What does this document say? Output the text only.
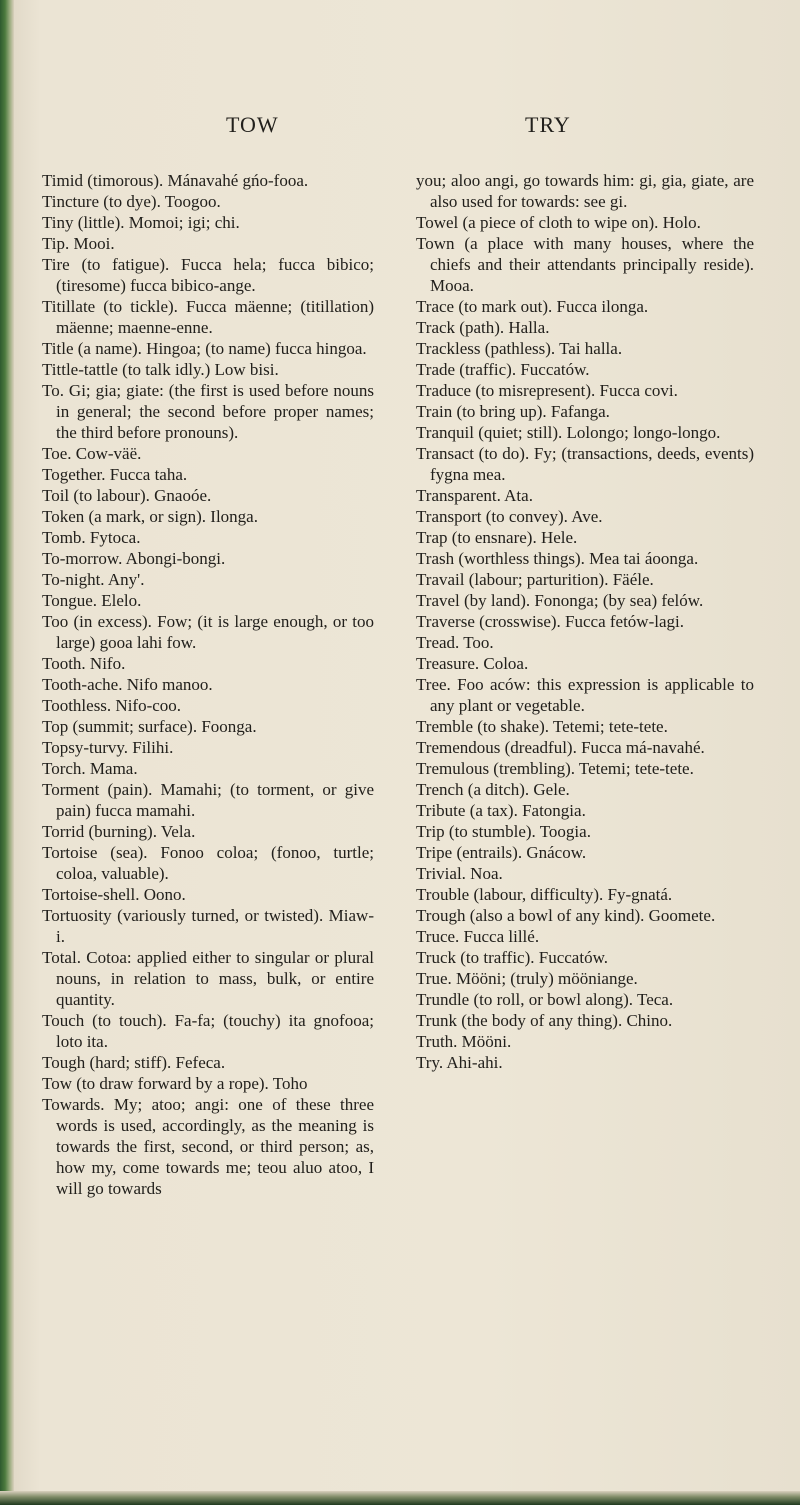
TOW	TRY

Timid (timorous). Mánavahé gńo-fooa.

Tincture (to dye). Toogoo.

Tiny (little). Momoi; igi; chi.

Tip. Mooi.

Tire (to fatigue). Fucca hela; fucca bibico; (tiresome) fucca bibico-ange.

Titillate (to tickle). Fucca mäenne; (titillation) mäenne; maenne-enne.

Title (a name). Hingoa; (to name) fucca hingoa.

Tittle-tattle (to talk idly.) Low bisi.

To. Gi; gia; giate: (the first is used before nouns in general; the second before proper names; the third before pronouns).

Toe. Cow-väë.

Together. Fucca taha.

Toil (to labour). Gnaoóe.

Token (a mark, or sign). Ilonga.

Tomb. Fytoca.

To-morrow. Abongi-bongi.

To-night. Any'.

Tongue. Elelo.

Too (in excess). Fow; (it is large enough, or too large) gooa lahi fow.

Tooth. Nifo.

Tooth-ache. Nifo manoo.

Toothless. Nifo-coo.

Top (summit; surface). Foonga.

Topsy-turvy. Filihi.

Torch. Mama.

Torment (pain). Mamahi; (to torment, or give pain) fucca mamahi.

Torrid (burning). Vela.

Tortoise (sea). Fonoo coloa; (fonoo, turtle; coloa, valuable).

Tortoise-shell. Oono.

Tortuosity (variously turned, or twisted). Miaw-i.

Total. Cotoa: applied either to singular or plural nouns, in relation to mass, bulk, or entire quantity.

Touch (to touch). Fa-fa; (touchy) ita gnofooa; loto ita.

Tough (hard; stiff). Fefeca.

Tow (to draw forward by a rope). Toho

Towards. My; atoo; angi: one of these three words is used, accordingly, as the meaning is towards the first, second, or third person; as, how my, come towards me; teou aluo atoo, I will go towards

you; aloo angi, go towards him: gi, gia, giate, are also used for towards: see gi.

Towel (a piece of cloth to wipe on). Holo.

Town (a place with many houses, where the chiefs and their attendants principally reside). Mooa.

Trace (to mark out). Fucca ilonga.

Track (path). Halla.

Trackless (pathless). Tai halla.

Trade (traffic). Fuccatów.

Traduce (to misrepresent). Fucca covi.

Train (to bring up). Fafanga.

Tranquil (quiet; still). Lolongo; longo-longo.

Transact (to do). Fy; (transactions, deeds, events) fygna mea.

Transparent. Ata.

Transport (to convey). Ave.

Trap (to ensnare). Hele.

Trash (worthless things). Mea tai áoonga.

Travail (labour; parturition). Fäéle.

Travel (by land). Fononga; (by sea) felów.

Traverse (crosswise). Fucca fetów-lagi.

Tread. Too.

Treasure. Coloa.

Tree. Foo aców: this expression is applicable to any plant or vegetable.

Tremble (to shake). Tetemi; tete-tete.

Tremendous (dreadful). Fucca má-navahé.

Tremulous (trembling). Tetemi; tete-tete.

Trench (a ditch). Gele.

Tribute (a tax). Fatongia.

Trip (to stumble). Toogia.

Tripe (entrails). Gnácow.

Trivial. Noa.

Trouble (labour, difficulty). Fy-gnatá.

Trough (also a bowl of any kind). Goomete.

Truce. Fucca lillé.

Truck (to traffic). Fuccatów.

True. Mööni; (truly) mööniange.

Trundle (to roll, or bowl along). Teca.

Trunk (the body of any thing). Chino.

Truth. Mööni.

Try. Ahi-ahi.
